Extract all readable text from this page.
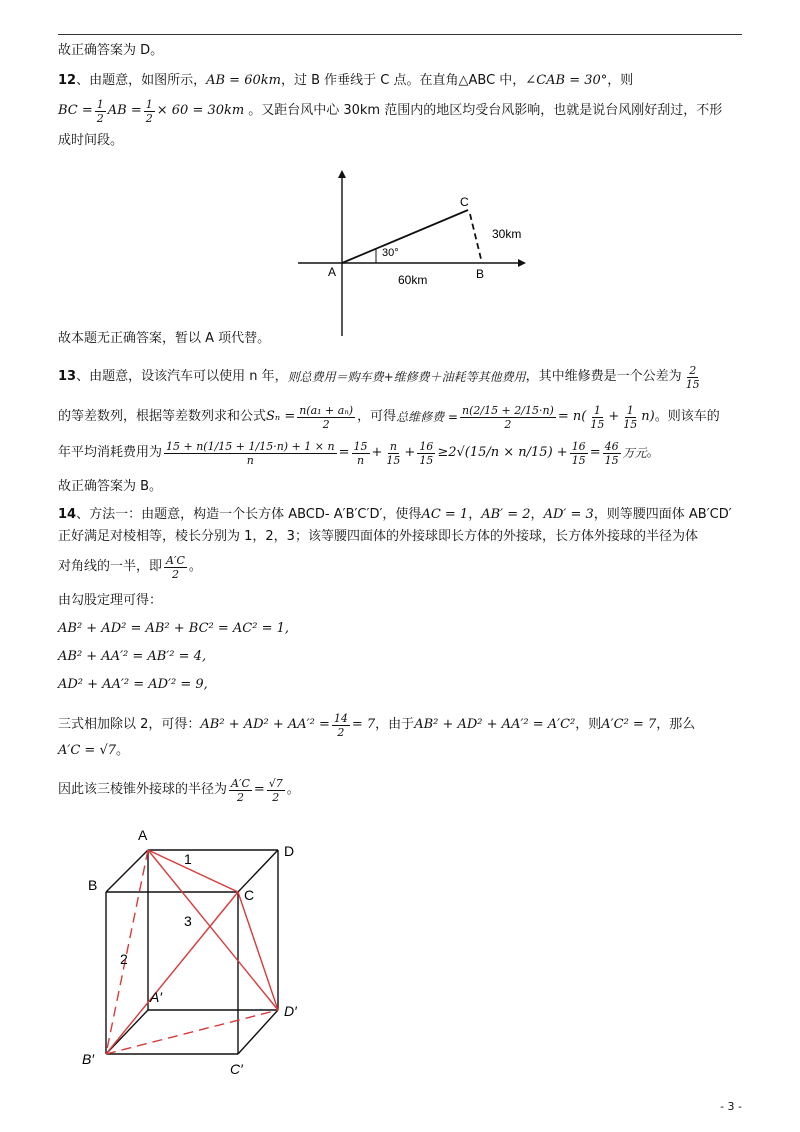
故正确答案为 D。
12、由题意，如图所示，AB = 60km，过 B 作垂线于 C 点。在直角△ABC 中，∠CAB = 30°，则
BC = $\frac{1}{2}$ AB = $\frac{1}{2} \times 60 = 30km$ 。又距台风中心 30km 范围内的地区均受台风影响，也就是说台风刚好刮过，不形
成时间段。
A	B
C
30°
60km
30km
故本题无正确答案，暂以 A 项代替。
13 、由题意，设该汽车可以使用 n 年， 则总费用＝购车费+维修费＋油耗等其他费用 ，其中维修费是一个公差为 $\frac{2}{15}$
的等差数列，根据等差数列求和公式 $S_n = \frac{\text{n(a₁ + aₙ)}}{2}$ ，可得 总维修费 = $\frac{n(2/15 + 2/15\cdot n)}{2} = n( \frac{1}{15} + \frac{1}{15} n)$ 。则该车的
年平均消耗费用为 $\frac{15 + n(1/15 + 1/15\cdot n) + 1 \times n}{n} = \frac{15}{n} + \frac{n}{15} + \frac{16}{15} \ge 2√(15/n \times n/15) + \frac{16}{15} = \frac{46}{15}$ 万元 。
故正确答案为 B。
14、方法一：由题意，构造一个长方体 ABCD- A′B′C′D′，使得AC = 1，AB′ = 2，AD′ = 3，则等腰四面体 AB′CD′
正好满足对棱相等，棱长分别为 1，2，3；该等腰四面体的外接球即长方体的外接球，长方体外接球的半径为体
对角线的一半，即 $\frac{A'C}{2}$ 。
由勾股定理可得：
AB² + AD² = AB² + BC² = AC² = 1,
AB² + AA′² = AB′² = 4,
AD² + AA′² = AD′² = 9,
三式相加除以 2，可得： $AB^2 + AD^2 + AA'^2 = \frac{14}{2} = 7$ ，由于 AB² + AD² + AA′² = A′C² ，则 A′C² = 7 ，那么
A′C = √7。
因此该三棱锥外接球的半径为 $\frac{A'C}{2} = \frac{√7}{2}$ 。
A
B
C
D
A′
B′
C′
D′
1
2
3
- 3 -
